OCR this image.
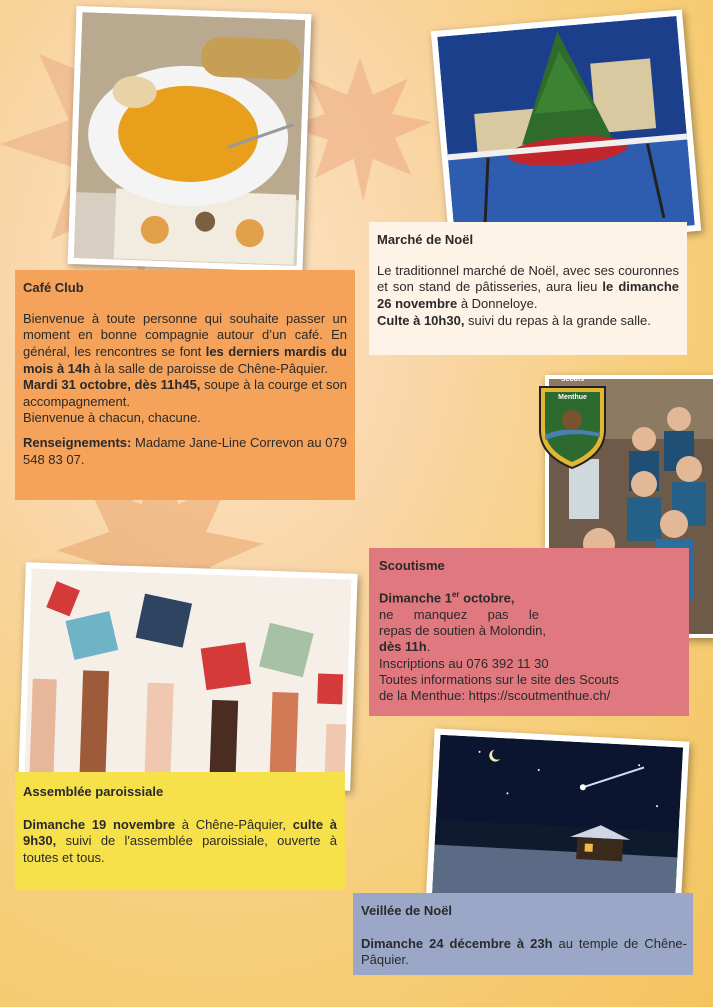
Scouts
Menthue
Café Club

Bienvenue à toute personne qui souhaite passer un moment en bonne compagnie autour d’un café. En général, les rencontres se font les derniers mardis du mois à 14h à la salle de paroisse de Chêne-Pâquier.

Mardi 31 octobre, dès 11h45, soupe à la courge et son accompagnement.

Bienvenue à chacun, chacune.

Renseignements: Madame Jane-Line Correvon au 079 548 83 07.

Marché de Noël

Le traditionnel marché de Noël, avec ses couronnes et son stand de pâtisseries, aura lieu le dimanche 26 novembre à Donneloye.

Culte à 10h30, suivi du repas à la grande salle.

Scoutisme

Dimanche 1er octobre,

ne manquez pas le

repas de soutien à Molondin,

dès 11h.

Inscriptions au 076 392 11 30

Toutes informations sur le site des Scouts

de la Menthue: https://scoutmenthue.ch/

Assemblée paroissiale

Dimanche 19 novembre à Chêne-Pâquier, culte à 9h30, suivi de l'assemblée paroissiale, ouverte à toutes et tous.

Veillée de Noël

Dimanche 24 décembre à 23h au temple de Chêne-Pâquier.
